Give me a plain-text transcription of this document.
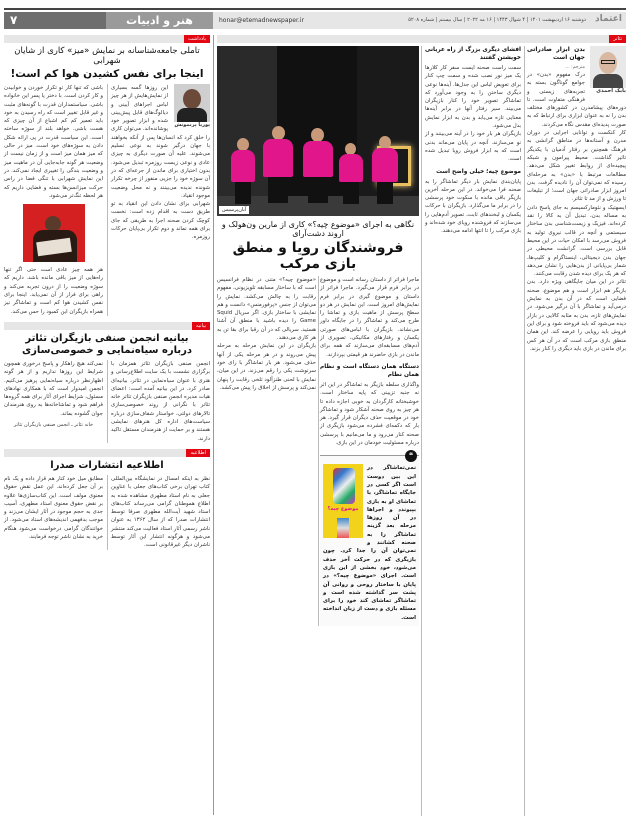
۷	هنر و ادبیات	honar@etemadnewspaper.ir	دوشنبه ۱۶ اردیبهشت ۱۴۰۱ | ۴ شوال ۱۴۴۳ | ۱۶ مه ۲۰۲۲ | سال بیستم | شماره ۵۲۰۸ اعتماد
یادداشت
تاملی جامعه‌شناسانه بر نمایش «میز» کاری از شایان شهرابی
اینجا برای نفس کشیدن هوا کم است!

باشی که تنها کار تو تکرار خوردن و خوابیدن و کار کردن است. با دختر یا پسر این خانواده باشی. سیاستمداران قدرت با گونه‌های مثبت و غیر قابل تغییر است که راه رسیدن به خود باید تعمیر کم کم اشباع از آن چیزی که هست باشی. خواهد بلند از سوژه ساخته است. این سیاست قدرت در پی ارائه شکل دادن به سوژه‌های خود است. میز در حالی که میز همان میز است و از زمان نیست از وضعیت هر گونه جابه‌جایی آن در ماهیت میز و وضعیت بندگی را تغییری ایجاد نمی‌کند. در این نمایش شهرابی با تنگی فضا در راس حرکت میزانسن‌ها بسته و فضایی داریم که هر لحظه تنگ‌تر می‌شود.

هر همه چیز عادی است حتی اگر تنها راه‌هایی از میز باقی مانده باشد. داریم که سوژه وضعیت را از درون تجربه می‌کند و راهی برای فرار از آن نمی‌یابد. اینجا برای نفس کشیدن هوا کم است و تماشاگر نیز همراه بازیگران این کمبود را حس می‌کند.

پوریا پرنمونش

این روزها گسه بسیاری از نمایش‌هایش از هر چیز لباس اجراهای آیینی و دیالوگ‌های قابل پیش‌بینی شده و ابزار تصویر خود پوشانده‌اند. می‌توان کاری را خلق کرد که انسان‌ها پس از آنکه بخواهند با جهان درگیر شوند به نوعی تسلیم می‌شوند. علیه آن صورت دیگری به چیزی عادی و نوعی زیست روزمره تبدیل می‌شود. بدون اختیاری برای ماندن از جرعه‌ای که در آن سوژه خود را جزیی منفور از چرخه تکرار شونده ندیده می‌بینند و نه محل وضعیت موجود انقیاد.

شهرابی برای نشان دادن این انقیاد به تو طریق دست به اقدام زده است: نخست کوچک کردن صحنه اجرا به طریقی که جای برای همه نماند و دوم تکرار بی‌پایان حرکات روزمره.

بیانیه
بیانیه انجمن صنفی بازیگران تئاتر
درباره سیاه‌نمایی و خصوصی‌سازی

نمی‌کند هیچ راهکار و پاسخ درخوری همچون شرایط این روزها نداریم و از هر گونه اظهارنظر درباره سیاه‌نمایی پرهیز می‌کنیم. انجمن امیدوار است که با همکاری نهادهای مسئول، شرایط اجرای آثار برای همه گروه‌ها فراهم شود و تماشاخانه‌ها به روی هنرمندان جوان گشوده بماند.

خانه تئاتر ـ انجمن صنفی بازیگران تئاتر

انجمن صنفی بازیگران تئاتر همزمان با برگزاری نشست با یک سایت اطلاع‌رسانی و هنری با عنوان سیاه‌نمایی در تئاتر، بیانیه‌ای صادر کرد. در این بیانیه آمده است: اعضای هیات مدیره انجمن صنفی بازیگران تئاتر خانه تئاتر با نگرانی از روند خصوصی‌سازی تالارهای دولتی، خواستار شفاف‌سازی درباره سیاست‌های اداره کل هنرهای نمایشی هستند و بر حمایت از هنرمندان مستقل تاکید دارند.

اطلاعیه
اطلاعیه انتشارات صدرا

مطابق میل خود کنار هم قرار داده و یک نام بر آن جعل کرده‌اند. این عمل نقض حقوق معنوی مولف است. این کتاب‌سازی‌ها علاوه بر نقض حقوق معنوی استاد مطهری، آسیب جدی به حجم موجود در آثار ایشان می‌زند و موجب بدفهمی اندیشه‌های استاد می‌شود. از خوانندگان گرامی درخواست می‌شود هنگام خرید به نشان ناشر توجه فرمایند.

نظر به اینکه امسال در نمایشگاه بین‌المللی کتاب تهران برخی کتاب‌های جعلی با عناوین جعلی به نام استاد مطهری مشاهده شده به اطلاع هموطنان گرامی می‌رساند کتاب‌های استاد شهید آیت‌الله مطهری صرفا توسط انتشارات صدرا که از سال ۱۳۶۲ به عنوان ناشر رسمی آثار استاد فعالیت می‌کند منتشر می‌شود و هرگونه انتشار این آثار توسط ناشران دیگر غیرقانونی است.

تئاتر
آبان‌پرسیس
نگاهی به اجرای «موضوع چیه؟» کاری از مارین ون‌هولک و اروند دشت‌آرای
فروشندگان رویا و منطق بازی مرکب

«موضوع چیه؟» متنی در نظام فرانسیس است که با ساختار مسابقه تلویزیونی، مفهوم رقابت را به چالش می‌کشد. نمایش را می‌توان از جنس «پرفورمنس» دانست و هم نمایشی با ساختار بازی. اگر سریال Squid Game را دیده باشید با منطق آن آشنا هستید. سریالی که در آن رقبا برای بقا تن به هر کاری می‌دهند.

بازیگران در این نمایش مرحله به مرحله پیش می‌روند و در هر مرحله یکی از آنها حذف می‌شود. هر بار تماشاگر با رای خود سرنوشت یکی را رقم می‌زند. در این میان، نمایش با لحنی طنزآلود تلخی رقابت را پنهان نمی‌کند و پرسش از اخلاق را پیش می‌کشد.

ماجرا فراتر از داستان رسانه است و موضوع در برابر فرم قرار می‌گیرد. ماجرا فراتر از داستان و موضوع گیری در برابر فرم نمایش‌های امروز است. این نمایش در هر دو سطح پرسش از ماهیت بازی و تماشا را طرح می‌کند و تماشاگر را در جایگاه داور می‌نشاند. بازیگران با لباس‌های صورتی یکسان و رفتارهای مکانیکی، تصویری از آدم‌های مسابقه‌ای می‌سازند که همه برای ماندن در بازی حاضرند هر قیمتی بپردازند.

دستگاه همان دستگاه است و نظام همان نظام

واگذاری سلطه بازیگر به تماشاگر در این اثر نه جنبه تزیینی که پایه ساختار است. خوشبختانه کارگردان به خوبی اجازه داده تا هر چیز به روی صحنه آشکار شود و تماشاگر خود در موقعیت حذف دیگران قرار گیرد. هر بار که دکمه‌ای فشرده می‌شود بازیگری از صحنه کنار می‌رود و ما می‌مانیم با پرسشی درباره مسئولیت خودمان در این بازی.

❝
موضوع چیه؟

نمی‌تماشاگر در این بین دوست است اگر کسی در جایگاه تماشاگر، با تماشای او به بازی بپیوندد و اجراها در آن روزها مرحله بعد گزینه تماشاگر را به صحنه کشانند و نمی‌توان آن را جدا کرد. چون بازیگری که در حرکت آخر حذف می‌شود، خود بخشی از این بازی است. اجرای «موضوع چیه؟» در پایان با ساختار روحی و روانی آن پشت سر گذاشته شده است و تماشاگر تماشای کند خود را برای مسئله بازی و دست از زبان انداخته است.

افشای دیگری بزرگ از راه عریانی خویشتن گفتند

سمت راست صحنه ایست سفر کار کلارها یک میز نور نصب شده و سمت چپ کنار برای تعویض لباس این جدل‌ها. آینه‌ها نوعی دیگری ساختن را به وجود می‌آورد که تماشاگر تصویر خود را کنار بازیگران می‌بیند. سیر رفتار آنها در برابر آینه‌ها معنایی تازه می‌یابد و بدن به ابزار نمایش بدل می‌شود.

بازیگران هر بار خود را در آینه می‌بینند و از نو می‌سازند. آنچه در پایان می‌ماند بدنی است که به ابزار فروش رویا تبدیل شده است.

موضوع چیه؛ خیلی واضح است

پایان‌بندی نمایش بار دیگر تماشاگر را به صحنه فرا می‌خواند. در این مرحله آخرین بازیگر باقی مانده با سکوت خود پرسشی را در برابر ما می‌گذارد. بازیگران با حرکات یکسان و لبخندهای ثابت، تصویر آدم‌هایی را می‌سازند که فروشنده رویای خود شده‌اند و بازی مرکب را تا انتها ادامه می‌دهند.

بابک احمدی
بدن ابزار صادراتی جهان است
مترجم: ...

درک مفهوم «بدن» در جوامع گوناگون بسته به تجربه‌های زیستی و فرهنگی متفاوت است. تا دوره‌های پیشا‌مدرن در کشورهای مختلف بدن را نه به عنوان ابزاری برای ارتباط که به صورت پدیده‌ای مقدس نگاه می‌کردند.

کار کنکست و توانایی اجرایی در دوران مدرن و آستانه‌ها در مناطق گرانشی به فرهنگ همچنین بر رفتار آدمیان با یکدیگر تاثیر گذاشت. محیط پیرامون و شبکه پیچیده‌ای از روابط تغییر شکل می‌دهد. مطالعات مرتبط با «بدن» به مرحله‌ای رسیده که نمی‌توان آن را نادیده گرفت. بدن امروز ابزار صادراتی جهان است؛ از تبلیغات تا ورزش و از مد تا تئاتر.

ایسهتیک و نئو‌مارکسیسم به جای پاسخ دادن به مساله بدن، تبدیل آن به کالا را نقد کرده‌اند. فیزیک و زیست‌شناسی بدن ساختار سیستمی و آنچه در قالب نیروی تولید به فروش می‌رسد با امکان حیات در این محیط قابل بررسی است. گرانشت محیطی در جهان بدن دیجیتالی، اینستاگرام و کلیپ‌ها، شمار بی‌پایانی از بدن‌هایی را نشان می‌دهد که هر یک برای دیده شدن رقابت می‌کنند.

تئاتر در این میان جایگاهی ویژه دارد. بدن بازیگر هم ابزار است و هم موضوع. صحنه فضایی است که در آن بدن به نمایش درمی‌آید و تماشاگر با آن درگیر می‌شود. در نمایش‌های تازه، بدن به مثابه کالایی در بازار دیده می‌شود که باید فروخته شود و برای این فروش باید رویایی را عرضه کند. این همان منطق بازی مرکب است که در آن هر کس برای ماندن در بازی باید دیگری را کنار بزند.
